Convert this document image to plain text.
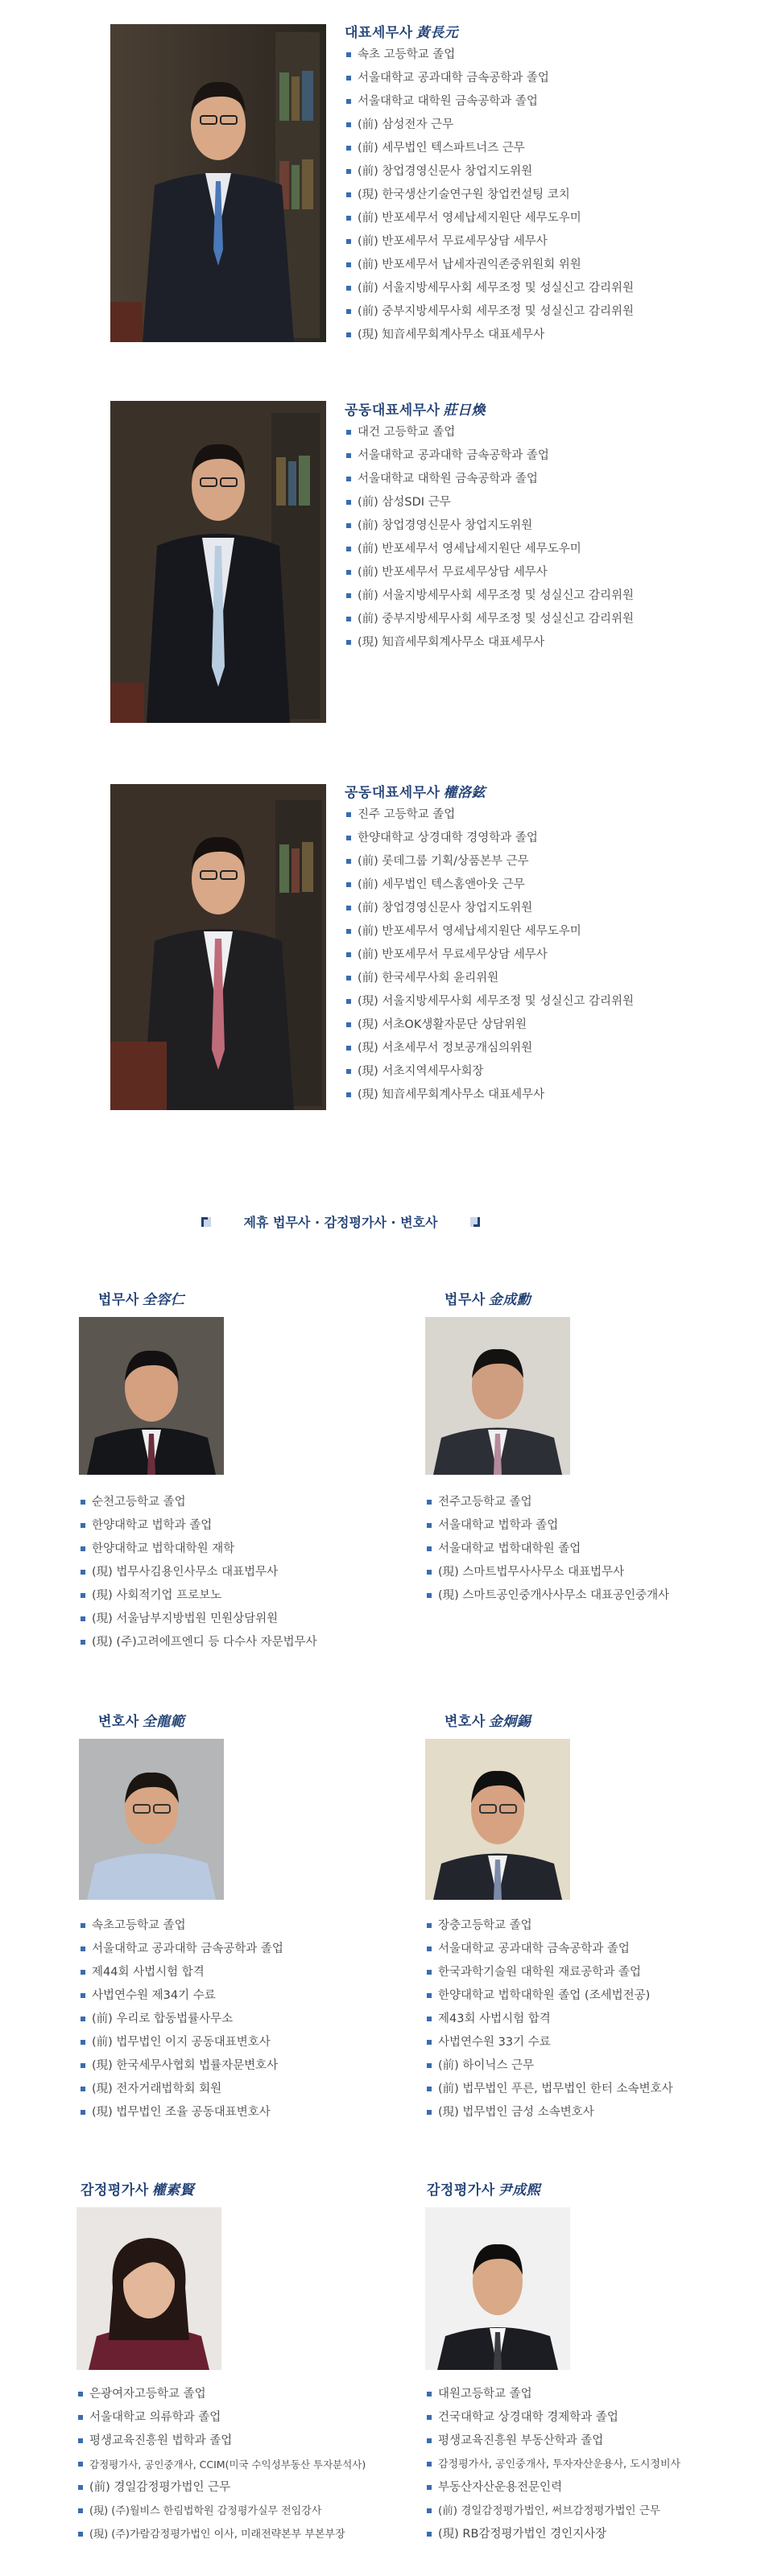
대표세무사 黃長元
속초 고등학교 졸업
서울대학교 공과대학 금속공학과 졸업
서울대학교 대학원 금속공학과 졸업
(前) 삼성전자 근무
(前) 세무법인 텍스파트너즈 근무
(前) 창업경영신문사 창업지도위원
(現) 한국생산기술연구원 창업컨설팅 코치
(前) 반포세무서 영세납세지원단 세무도우미
(前) 반포세무서 무료세무상담 세무사
(前) 반포세무서 납세자권익존중위원회 위원
(前) 서울지방세무사회 세무조정 및 성실신고 감리위원
(前) 중부지방세무사회 세무조정 및 성실신고 감리위원
(現) 知音세무회계사무소 대표세무사
공동대표세무사 莊日煥
대건 고등학교 졸업
서울대학교 공과대학 금속공학과 졸업
서울대학교 대학원 금속공학과 졸업
(前) 삼성SDI 근무
(前) 창업경영신문사 창업지도위원
(前) 반포세무서 영세납세지원단 세무도우미
(前) 반포세무서 무료세무상담 세무사
(前) 서울지방세무사회 세무조정 및 성실신고 감리위원
(前) 중부지방세무사회 세무조정 및 성실신고 감리위원
(現) 知音세무회계사무소 대표세무사
공동대표세무사 權洛鉉
진주 고등학교 졸업
한양대학교 상경대학 경영학과 졸업
(前) 롯데그룹 기획/상품본부 근무
(前) 세무법인 텍스홈앤아웃 근무
(前) 창업경영신문사 창업지도위원
(前) 반포세무서 영세납세지원단 세무도우미
(前) 반포세무서 무료세무상담 세무사
(前) 한국세무사회 윤리위원
(現) 서울지방세무사회 세무조정 및 성실신고 감리위원
(現) 서초OK생활자문단 상담위원
(現) 서초세무서 정보공개심의위원
(現) 서초지역세무사회장
(現) 知音세무회계사무소 대표세무사
제휴 법무사 · 감정평가사 · 변호사
법무사 全容仁
순천고등학교 졸업
한양대학교 법학과 졸업
한양대학교 법학대학원 재학
(現) 법무사김용인사무소 대표법무사
(現) 사회적기업 프로보노
(現) 서울남부지방법원 민원상담위원
(現) (주)고려에프엔디 등 다수사 자문법무사
법무사 金成勳
전주고등학교 졸업
서울대학교 법학과 졸업
서울대학교 법학대학원 졸업
(現) 스마트법무사사무소 대표법무사
(現) 스마트공인중개사사무소 대표공인중개사
변호사 全龍範
속초고등학교 졸업
서울대학교 공과대학 금속공학과 졸업
제44회 사법시험 합격
사법연수원 제34기 수료
(前) 우리로 합동법률사무소
(前) 법무법인 이지 공동대표변호사
(現) 한국세무사협회 법률자문변호사
(現) 전자거래법학회 회원
(現) 법무법인 조율 공동대표변호사
변호사 金炯錫
장충고등학교 졸업
서울대학교 공과대학 금속공학과 졸업
한국과학기술원 대학원 재료공학과 졸업
한양대학교 법학대학원 졸업 (조세법전공)
제43회 사법시험 합격
사법연수원 33기 수료
(前) 하이닉스 근무
(前) 법무법인 푸른, 법무법인 한터 소속변호사
(現) 법무법인 금성 소속변호사
감정평가사 權素賢
은광여자고등학교 졸업
서울대학교 의류학과 졸업
평생교육진흥원 법학과 졸업
감정평가사, 공인중개사, CCIM(미국 수익성부동산 투자분석사)
(前) 경일감정평가법인 근무
(現) (주)월비스 한림법학원 감정평가실무 전임강사
(現) (주)가람감정평가법인 이사, 미래전략본부 부본부장
감정평가사 尹成熙
대원고등학교 졸업
건국대학교 상경대학 경제학과 졸업
평생교육진흥원 부동산학과 졸업
감정평가사, 공인중개사, 투자자산운용사, 도시정비사
부동산자산운용전문인력
(前) 경일감정평가법인, 써브감정평가법인 근무
(現) RB감정평가법인 경인지사장
